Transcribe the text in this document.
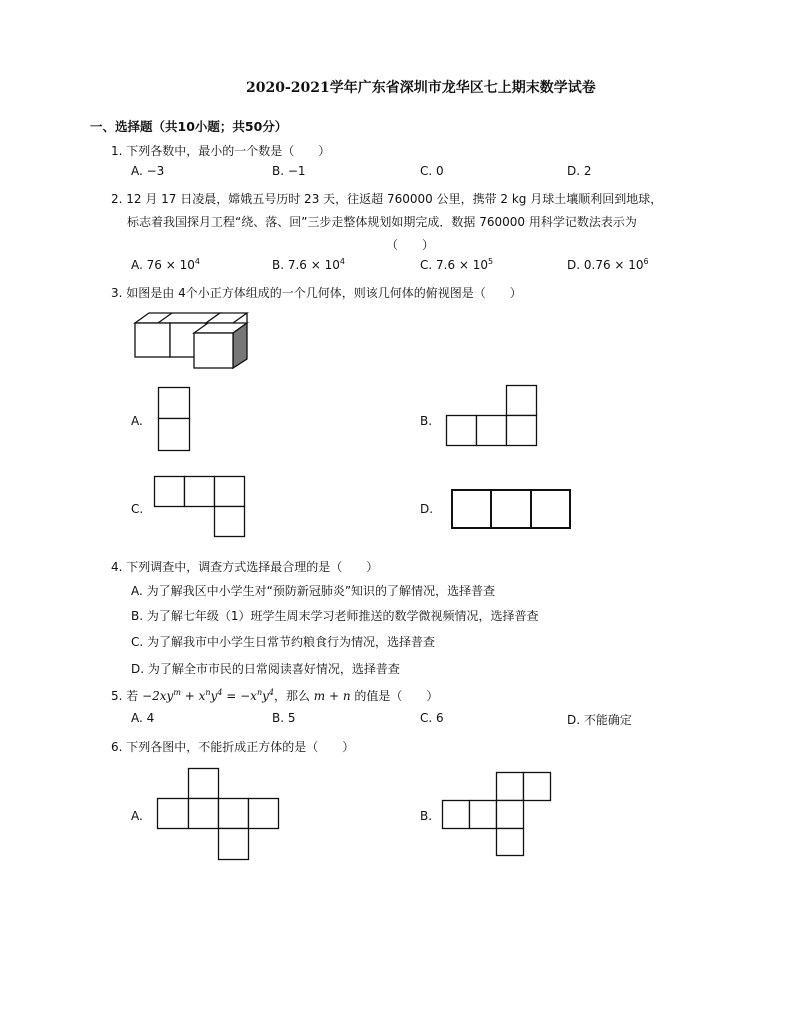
2020-2021学年广东省深圳市龙华区七上期末数学试卷
一、选择题（共10小题；共50分）
1. 下列各数中，最小的一个数是（　　）
A. −3	B. −1	C. 0	D. 2
2. 12 月 17 日凌晨，嫦娥五号历时 23 天，往返超 760000 公里，携带 2 kg 月球土壤顺利回到地球，
标志着我国探月工程“绕、落、回”三步走整体规划如期完成．数据 760000 用科学记数法表示为
（　　）
A. $76 \times 10^4$	B. $7.6 \times 10^4$	C. $7.6 \times 10^5$	D. $0.76 \times 10^6$
3. 如图是由 4个小正方体组成的一个几何体，则该几何体的俯视图是（　　）
A.	B.
C.	D.
4. 下列调查中，调查方式选择最合理的是（　　）
A. 为了解我区中小学生对“预防新冠肺炎”知识的了解情况，选择普查
B. 为了解七年级（1）班学生周末学习老师推送的数学微视频情况，选择普查
C. 为了解我市中小学生日常节约粮食行为情况，选择普查
D. 为了解全市市民的日常阅读喜好情况，选择普查
5. 若 $-2xy^m + x^ny^4 = -x^ny^4$，那么 m + n 的值是（　　）
A. 4	B. 5	C. 6	D. 不能确定
6. 下列各图中，不能折成正方体的是（　　）
A.	B.
